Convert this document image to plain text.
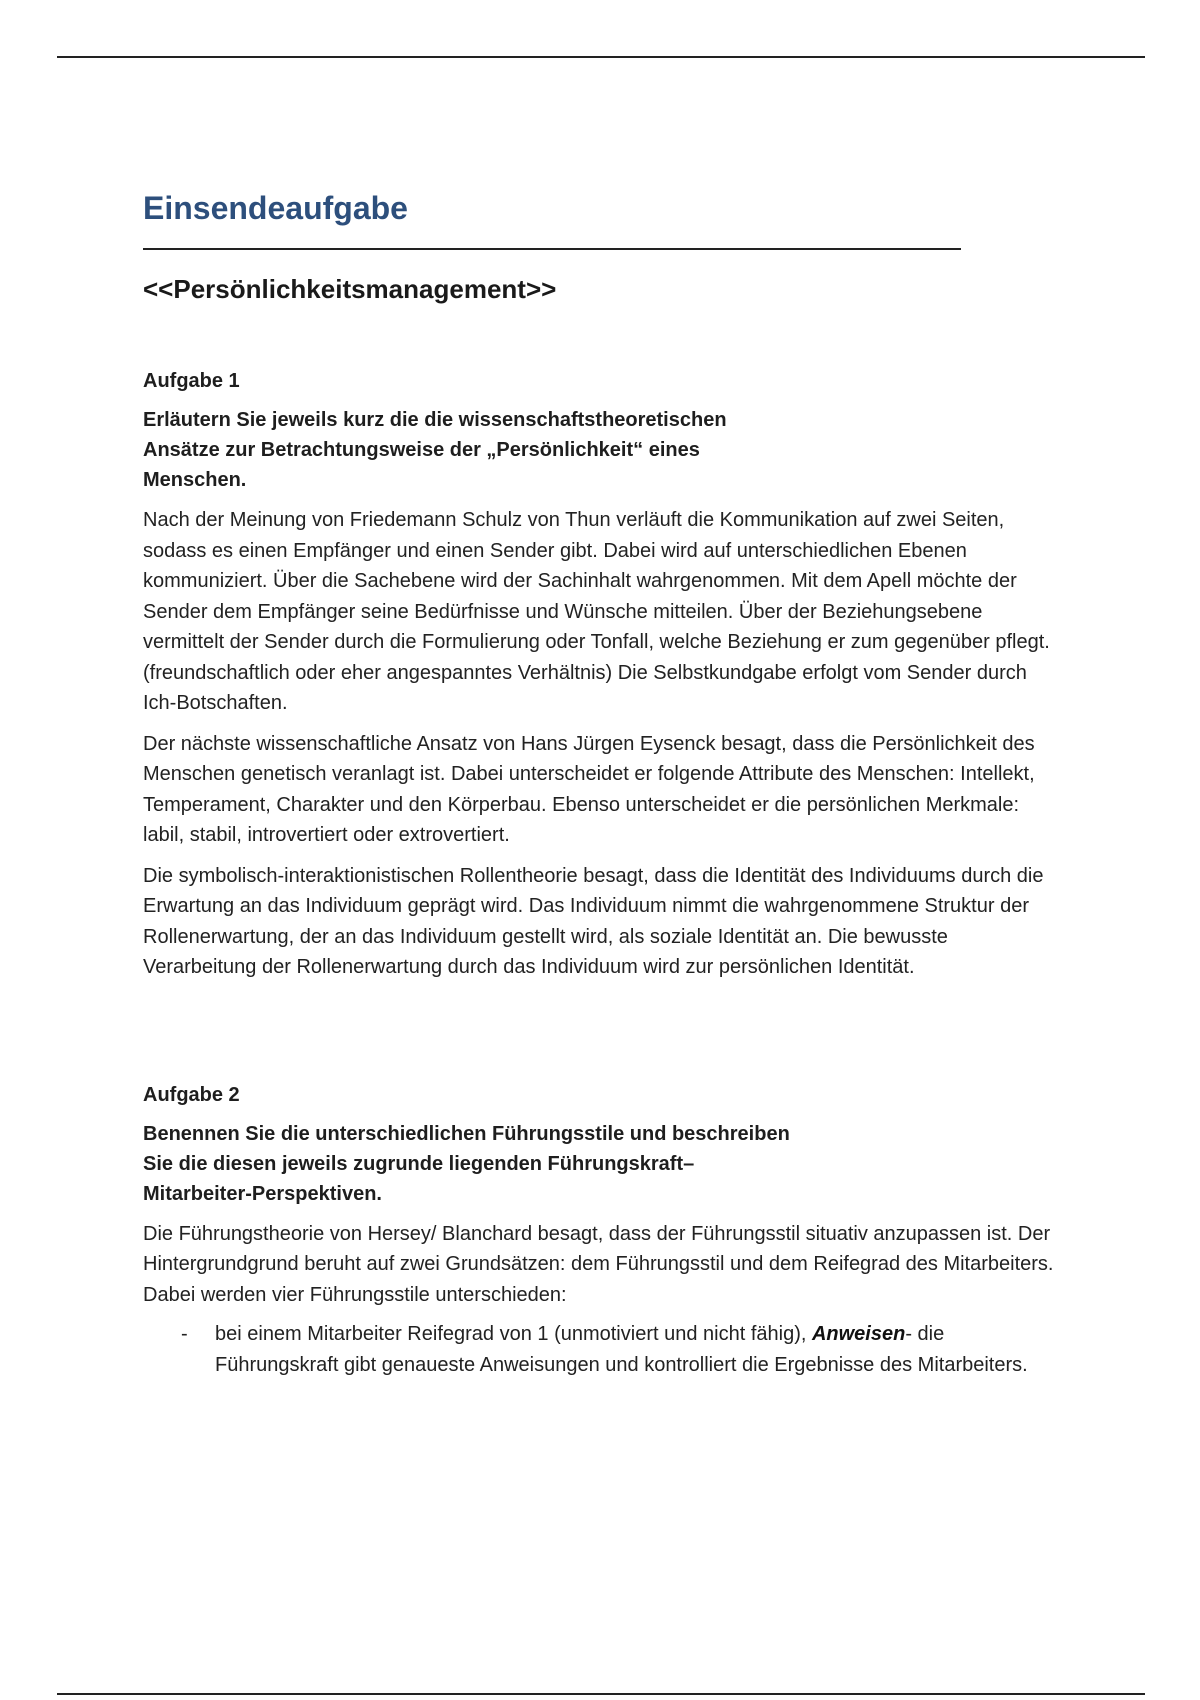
Einsendeaufgabe
<<Persönlichkeitsmanagement>>
Aufgabe 1
Erläutern Sie jeweils kurz die die wissenschaftstheoretischen Ansätze zur Betrachtungsweise der „Persönlichkeit“ eines Menschen.

Nach der Meinung von Friedemann Schulz von Thun verläuft die Kommunikation auf zwei Seiten, sodass es einen Empfänger und einen Sender gibt. Dabei wird auf unterschiedlichen Ebenen kommuniziert. Über die Sachebene wird der Sachinhalt wahrgenommen. Mit dem Apell möchte der Sender dem Empfänger seine Bedürfnisse und Wünsche mitteilen. Über der Beziehungsebene vermittelt der Sender durch die Formulierung oder Tonfall, welche Beziehung er zum gegenüber pflegt. (freundschaftlich oder eher angespanntes Verhältnis) Die Selbstkundgabe erfolgt vom Sender durch Ich-Botschaften.

Der nächste wissenschaftliche Ansatz von Hans Jürgen Eysenck besagt, dass die Persönlichkeit des Menschen genetisch veranlagt ist. Dabei unterscheidet er folgende Attribute des Menschen: Intellekt, Temperament, Charakter und den Körperbau. Ebenso unterscheidet er die persönlichen Merkmale: labil, stabil, introvertiert oder extrovertiert.

Die symbolisch-interaktionistischen Rollentheorie besagt, dass die Identität des Individuums durch die Erwartung an das Individuum geprägt wird. Das Individuum nimmt die wahrgenommene Struktur der Rollenerwartung, der an das Individuum gestellt wird, als soziale Identität an. Die bewusste Verarbeitung der Rollenerwartung durch das Individuum wird zur persönlichen Identität.

Aufgabe 2
Benennen Sie die unterschiedlichen Führungsstile und beschreiben Sie die diesen jeweils zugrunde liegenden Führungskraft–Mitarbeiter-Perspektiven.

Die Führungstheorie von Hersey/ Blanchard besagt, dass der Führungsstil situativ anzupassen ist. Der Hintergrundgrund beruht auf zwei Grundsätzen: dem Führungsstil und dem Reifegrad des Mitarbeiters. Dabei werden vier Führungsstile unterschieden:

- bei einem Mitarbeiter Reifegrad von 1 (unmotiviert und nicht fähig), Anweisen- die Führungskraft gibt genaueste Anweisungen und kontrolliert die Ergebnisse des Mitarbeiters.
